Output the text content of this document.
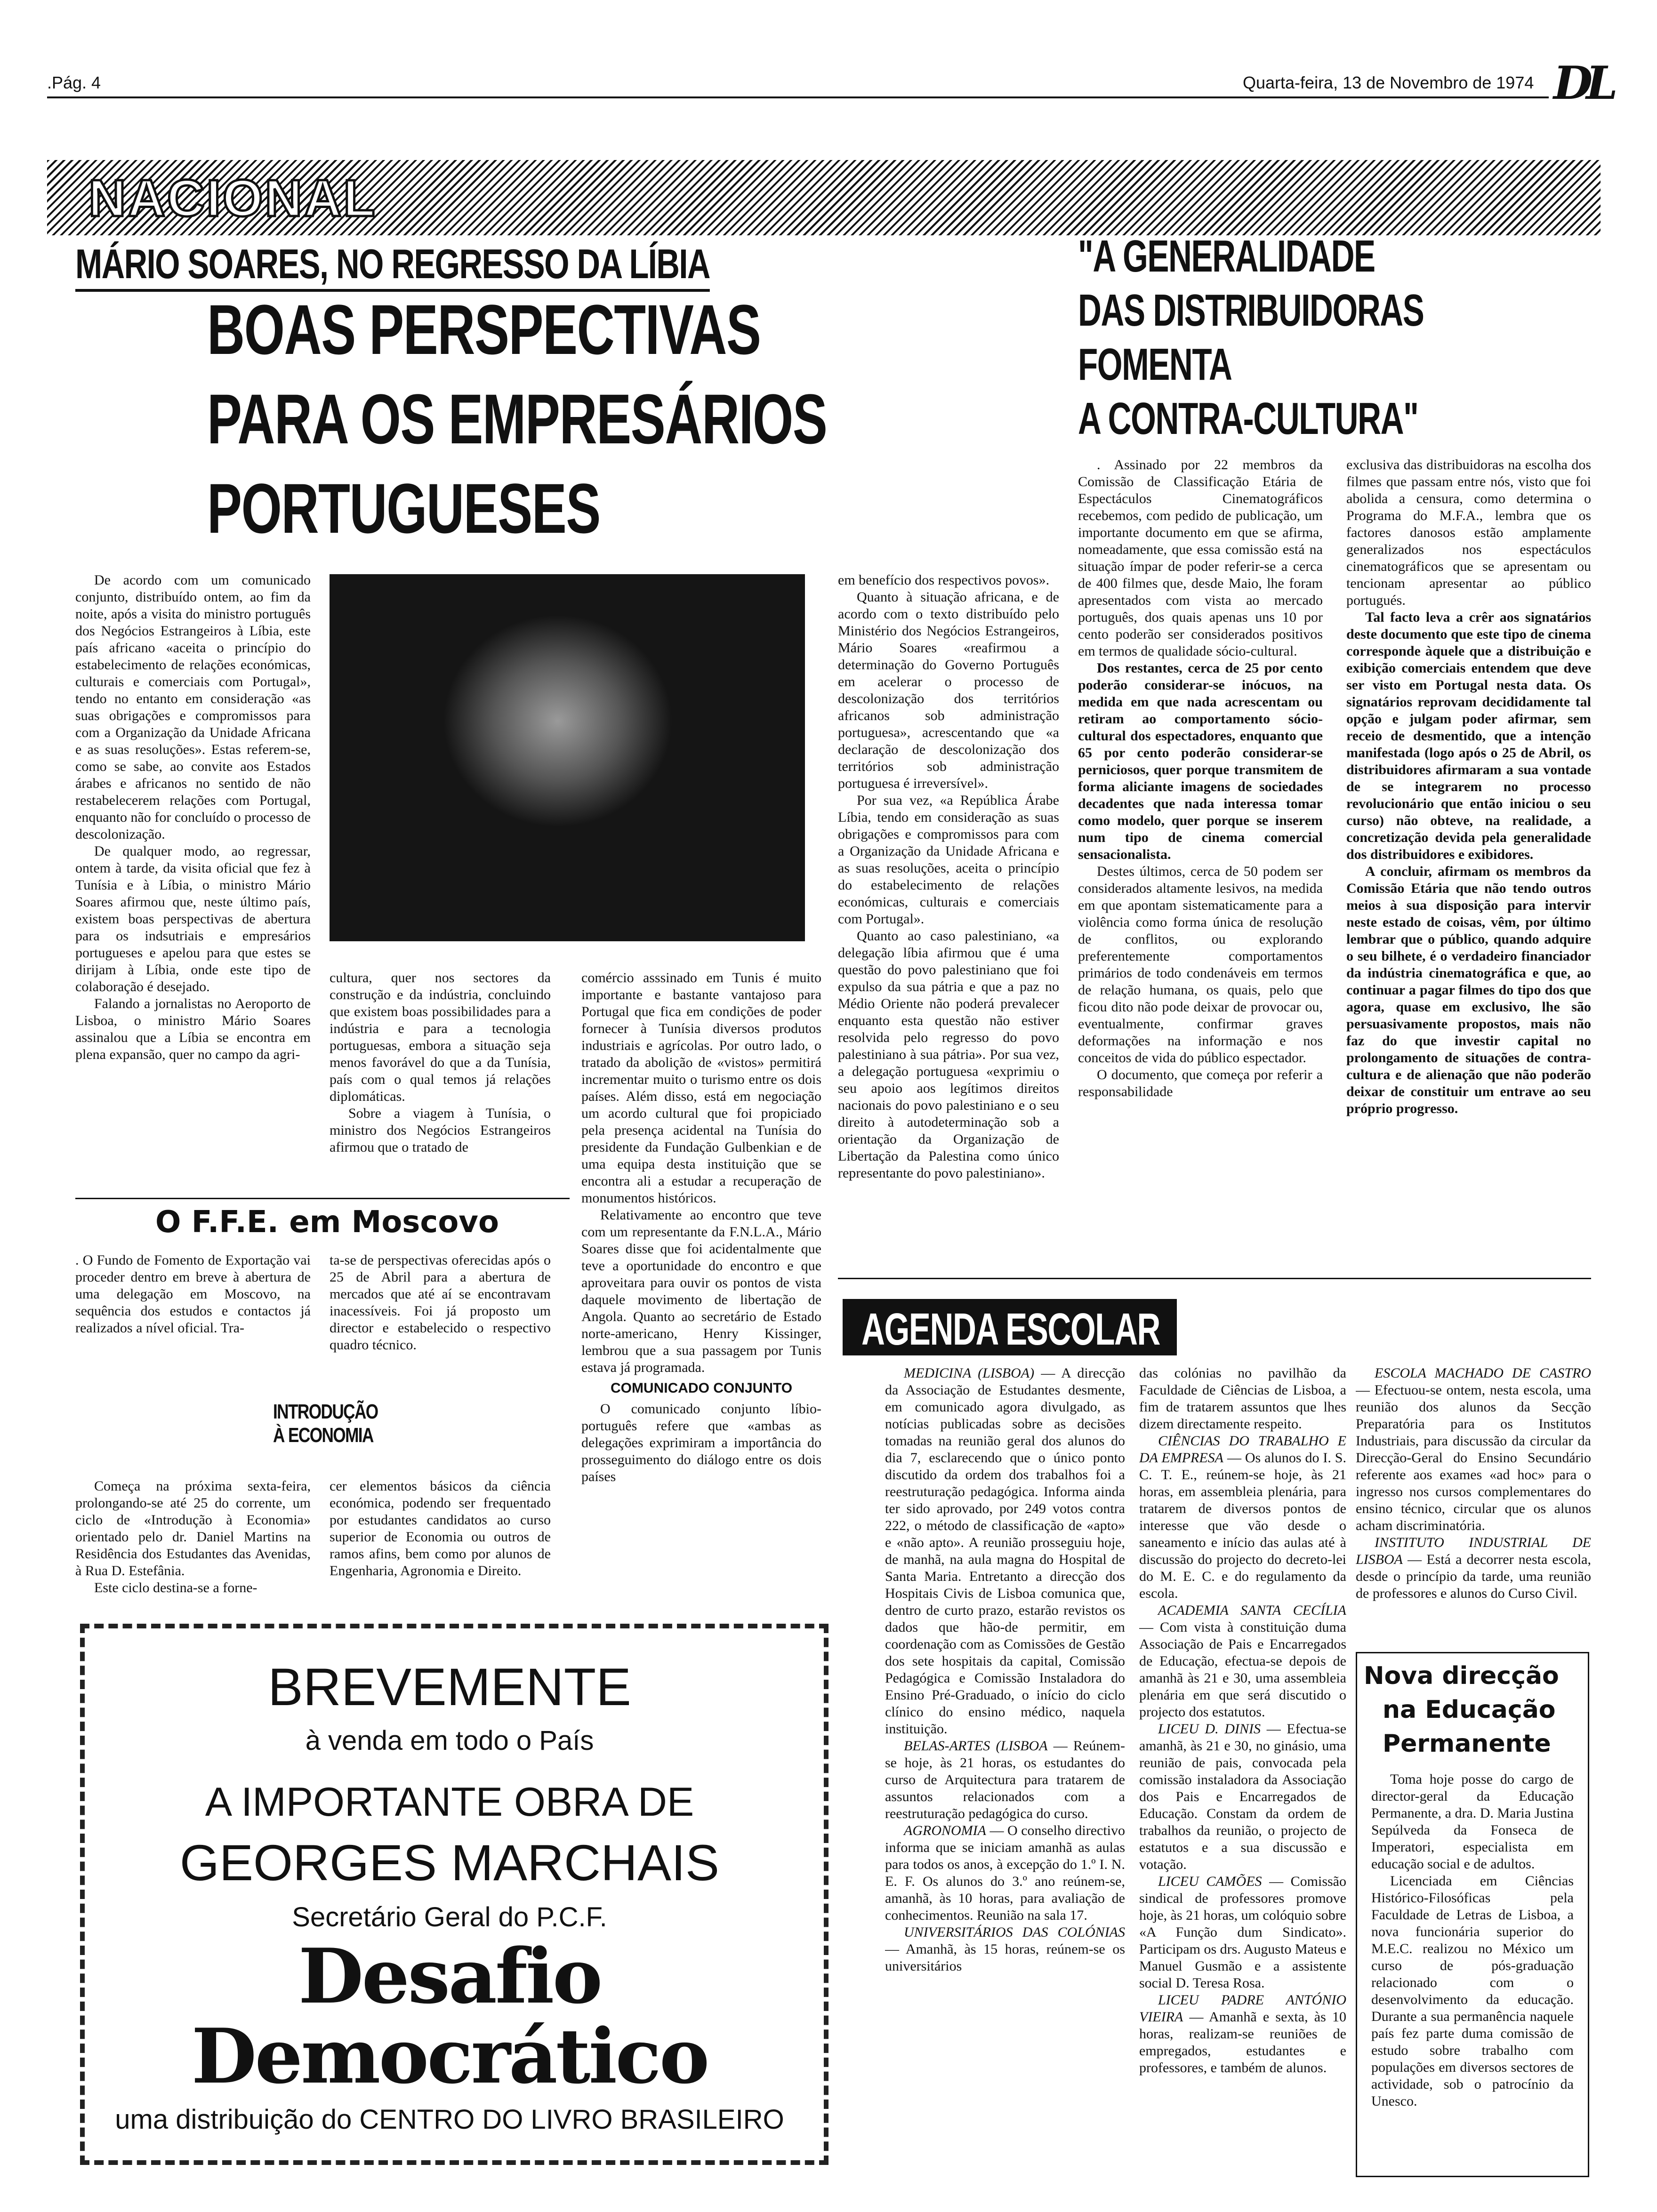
.Pág. 4	Quarta-feira, 13 de Novembro de 1974 DL
NACIONAL
MÁRIO SOARES, NO REGRESSO DA LÍBIA
BOAS PERSPECTIVAS
PARA OS EMPRESÁRIOS
PORTUGUESES

De acordo com um comunicado conjunto, distribuído ontem, ao fim da noite, após a visita do ministro português dos Negócios Estrangeiros à Líbia, este país africano «aceita o princípio do estabelecimento de relações económicas, culturais e comerciais com Portugal», tendo no entanto em consideração «as suas obrigações e compromissos para com a Organização da Unidade Africana e as suas resoluções». Estas referem-se, como se sabe, ao convite aos Estados árabes e africanos no sentido de não restabelecerem relações com Portugal, enquanto não for concluído o processo de descolonização.

De qualquer modo, ao regressar, ontem à tarde, da visita oficial que fez à Tunísia e à Líbia, o ministro Mário Soares afirmou que, neste último país, existem boas perspectivas de abertura para os indsutriais e empresários portugueses e apelou para que estes se dirijam à Líbia, onde este tipo de colaboração é desejado.

Falando a jornalistas no Aeroporto de Lisboa, o ministro Mário Soares assinalou que a Líbia se encontra em plena expansão, quer no campo da agri-

cultura, quer nos sectores da construção e da indústria, concluindo que existem boas possibilidades para a indústria e para a tecnologia portuguesas, embora a situação seja menos favorável do que a da Tunísia, país com o qual temos já relações diplomáticas.

Sobre a viagem à Tunísia, o ministro dos Negócios Estrangeiros afirmou que o tratado de

comércio asssinado em Tunis é muito importante e bastante vantajoso para Portugal que fica em condições de poder fornecer à Tunísia diversos produtos industriais e agrícolas. Por outro lado, o tratado da abolição de «vistos» permitirá incrementar muito o turismo entre os dois países. Além disso, está em negociação um acordo cultural que foi propiciado pela presença acidental na Tunísia do presidente da Fundação Gulbenkian e de uma equipa desta instituição que se encontra ali a estudar a recuperação de monumentos históricos.

Relativamente ao encontro que teve com um representante da F.N.L.A., Mário Soares disse que foi acidentalmente que teve a oportunidade do encontro e que aproveitara para ouvir os pontos de vista daquele movimento de libertação de Angola. Quanto ao secretário de Estado norte-americano, Henry Kissinger, lembrou que a sua passagem por Tunis estava já programada.

COMUNICADO CONJUNTO

O comunicado conjunto líbio-português refere que «ambas as delegações exprimiram a importância do prosseguimento do diálogo entre os dois países

em benefício dos respectivos povos».

Quanto à situação africana, e de acordo com o texto distribuído pelo Ministério dos Negócios Estrangeiros, Mário Soares «reafirmou a determinação do Governo Português em acelerar o processo de descolonização dos territórios africanos sob administração portuguesa», acrescentando que «a declaração de descolonização dos territórios sob administração portuguesa é irreversível».

Por sua vez, «a República Árabe Líbia, tendo em consideração as suas obrigações e compromissos para com a Organização da Unidade Africana e as suas resoluções, aceita o princípio do estabelecimento de relações económicas, culturais e comerciais com Portugal».

Quanto ao caso palestiniano, «a delegação líbia afirmou que é uma questão do povo palestiniano que foi expulso da sua pátria e que a paz no Médio Oriente não poderá prevalecer enquanto esta questão não estiver resolvida pelo regresso do povo palestiniano à sua pátria». Por sua vez, a delegação portuguesa «exprimiu o seu apoio aos legítimos direitos nacionais do povo palestiniano e o seu direito à autodeterminação sob a orientação da Organização de Libertação da Palestina como único representante do povo palestiniano».

O F.F.E. em Moscovo
. O Fundo de Fomento de Exportação vai proceder dentro em breve à abertura de uma delegação em Moscovo, na sequência dos estudos e contactos já realizados a nível oficial. Tra-
ta-se de perspectivas oferecidas após o 25 de Abril para a abertura de mercados que até aí se encontravam inacessíveis. Foi já proposto um director e estabelecido o respectivo quadro técnico.
INTRODUÇÃO
À ECONOMIA

Começa na próxima sexta-feira, prolongando-se até 25 do corrente, um ciclo de «Introdução à Economia» orientado pelo dr. Daniel Martins na Residência dos Estudantes das Avenidas, à Rua D. Estefânia.

Este ciclo destina-se a forne-

cer elementos básicos da ciência económica, podendo ser frequentado por estudantes candidatos ao curso superior de Economia ou outros de ramos afins, bem como por alunos de Engenharia, Agronomia e Direito.
"A GENERALIDADE
DAS DISTRIBUIDORAS
FOMENTA
A CONTRA-CULTURA"

. Assinado por 22 membros da Comissão de Classificação Etária de Espectáculos Cinematográficos recebemos, com pedido de publicação, um importante documento em que se afirma, nomeadamente, que essa comissão está na situação ímpar de poder referir-se a cerca de 400 filmes que, desde Maio, lhe foram apresentados com vista ao mercado português, dos quais apenas uns 10 por cento poderão ser considerados positivos em termos de qualidade sócio-cultural.

Dos restantes, cerca de 25 por cento poderão considerar-se inócuos, na medida em que nada acrescentam ou retiram ao comportamento sócio-cultural dos espectadores, enquanto que 65 por cento poderão considerar-se perniciosos, quer porque transmitem de forma aliciante imagens de sociedades decadentes que nada interessa tomar como modelo, quer porque se inserem num tipo de cinema comercial sensacionalista.

Destes últimos, cerca de 50 podem ser considerados altamente lesivos, na medida em que apontam sistematicamente para a violência como forma única de resolução de conflitos, ou explorando preferentemente comportamentos primários de todo condenáveis em termos de relação humana, os quais, pelo que ficou dito não pode deixar de provocar ou, eventualmente, confirmar graves deformações na informação e nos conceitos de vida do público espectador.

O documento, que começa por referir a responsabilidade

exclusiva das distribuidoras na escolha dos filmes que passam entre nós, visto que foi abolida a censura, como determina o Programa do M.F.A., lembra que os factores danosos estão amplamente generalizados nos espectáculos cinematográficos que se apresentam ou tencionam apresentar ao público portugués.

Tal facto leva a crêr aos signatários deste documento que este tipo de cinema corresponde àquele que a distribuição e exibição comerciais entendem que deve ser visto em Portugal nesta data. Os signatários reprovam decididamente tal opção e julgam poder afirmar, sem receio de desmentido, que a intenção manifestada (logo após o 25 de Abril, os distribuidores afirmaram a sua vontade de se integrarem no processo revolucionário que então iniciou o seu curso) não obteve, na realidade, a concretização devida pela generalidade dos distribuidores e exibidores.

A concluir, afirmam os membros da Comissão Etária que não tendo outros meios à sua disposição para intervir neste estado de coisas, vêm, por último lembrar que o público, quando adquire o seu bilhete, é o verdadeiro financiador da indústria cinematográfica e que, ao continuar a pagar filmes do tipo dos que agora, quase em exclusivo, lhe são persuasivamente propostos, mais não faz do que investir capital no prolongamento de situações de contra-cultura e de alienação que não poderão deixar de constituir um entrave ao seu próprio progresso.

AGENDA ESCOLAR

MEDICINA (LISBOA) — A direcção da Associação de Estudantes desmente, em comunicado agora divulgado, as notícias publicadas sobre as decisões tomadas na reunião geral dos alunos do dia 7, esclarecendo que o único ponto discutido da ordem dos trabalhos foi a reestruturação pedagógica. Informa ainda ter sido aprovado, por 249 votos contra 222, o método de classificação de «apto» e «não apto». A reunião prosseguiu hoje, de manhã, na aula magna do Hospital de Santa Maria. Entretanto a direcção dos Hospitais Civis de Lisboa comunica que, dentro de curto prazo, estarão revistos os dados que hão-de permitir, em coordenação com as Comissões de Gestão dos sete hospitais da capital, Comissão Pedagógica e Comissão Instaladora do Ensino Pré-Graduado, o início do ciclo clínico do ensino médico, naquela instituição.

BELAS-ARTES (LISBOA — Reúnem-se hoje, às 21 horas, os estudantes do curso de Arquitectura para tratarem de assuntos relacionados com a reestruturação pedagógica do curso.

AGRONOMIA — O conselho directivo informa que se iniciam amanhã as aulas para todos os anos, à excepção do 1.º I. N. E. F. Os alunos do 3.º ano reúnem-se, amanhã, às 10 horas, para avaliação de conhecimentos. Reunião na sala 17.

UNIVERSITÁRIOS DAS COLÓNIAS — Amanhã, às 15 horas, reúnem-se os universitários

das colónias no pavilhão da Faculdade de Ciências de Lisboa, a fim de tratarem assuntos que lhes dizem directamente respeito.

CIÊNCIAS DO TRABALHO E DA EMPRESA — Os alunos do I. S. C. T. E., reúnem-se hoje, às 21 horas, em assembleia plenária, para tratarem de diversos pontos de interesse que vão desde o saneamento e início das aulas até à discussão do projecto do decreto-lei do M. E. C. e do regulamento da escola.

ACADEMIA SANTA CECÍLIA — Com vista à constituição duma Associação de Pais e Encarregados de Educação, efectua-se depois de amanhã às 21 e 30, uma assembleia plenária em que será discutido o projecto dos estatutos.

LICEU D. DINIS — Efectua-se amanhã, às 21 e 30, no ginásio, uma reunião de pais, convocada pela comissão instaladora da Associação dos Pais e Encarregados de Educação. Constam da ordem de trabalhos da reunião, o projecto de estatutos e a sua discussão e votação.

LICEU CAMÕES — Comissão sindical de professores promove hoje, às 21 horas, um colóquio sobre «A Função dum Sindicato». Participam os drs. Augusto Mateus e Manuel Gusmão e a assistente social D. Teresa Rosa.

LICEU PADRE ANTÓNIO VIEIRA — Amanhã e sexta, às 10 horas, realizam-se reuniões de empregados, estudantes e professores, e também de alunos.

ESCOLA MACHADO DE CASTRO — Efectuou-se ontem, nesta escola, uma reunião dos alunos da Secção Preparatória para os Institutos Industriais, para discussão da circular da Direcção-Geral do Ensino Secundário referente aos exames «ad hoc» para o ingresso nos cursos complementares do ensino técnico, circular que os alunos acham discriminatória.

INSTITUTO INDUSTRIAL DE LISBOA — Está a decorrer nesta escola, desde o princípio da tarde, uma reunião de professores e alunos do Curso Civil.

Nova direcção
na Educação
Permanente

Toma hoje posse do cargo de director-geral da Educação Permanente, a dra. D. Maria Justina Sepúlveda da Fonseca de Imperatori, especialista em educação social e de adultos.

Licenciada em Ciências Histórico-Filosóficas pela Faculdade de Letras de Lisboa, a nova funcionária superior do M.E.C. realizou no México um curso de pós-graduação relacionado com o desenvolvimento da educação. Durante a sua permanência naquele país fez parte duma comissão de estudo sobre trabalho com populações em diversos sectores de actividade, sob o patrocínio da Unesco.

BREVEMENTE
à venda em todo o País
A IMPORTANTE OBRA DE
GEORGES MARCHAIS
Secretário Geral do P.C.F.
Desafio
Democrático
uma distribuição do CENTRO DO LIVRO BRASILEIRO
